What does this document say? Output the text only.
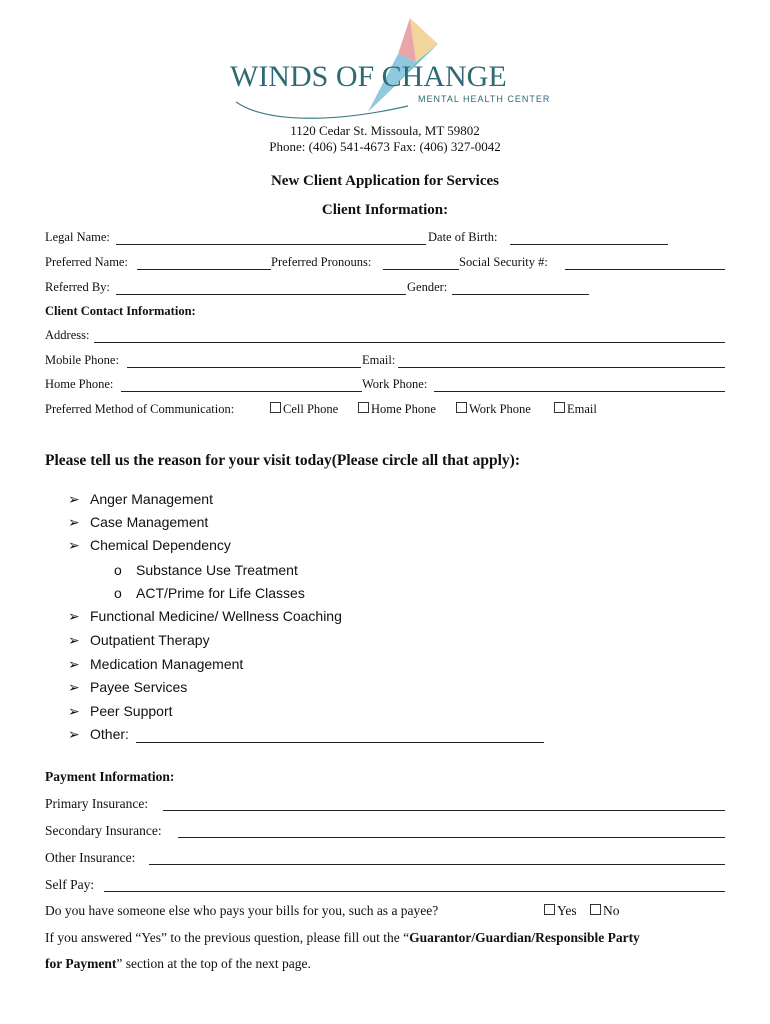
WINDS OF CHANGE
MENTAL HEALTH CENTER
1120 Cedar St. Missoula, MT 59802
Phone: (406) 541-4673 Fax: (406) 327-0042
New Client Application for Services
Client Information:
Legal Name:	Date of Birth:
Preferred Name:	Preferred Pronouns:	Social Security #:
Referred By:	Gender:
Client Contact Information:
Address:
Mobile Phone:	Email:
Home Phone:	Work Phone:
Preferred Method of Communication:	Cell Phone	Home Phone	Work Phone	Email
Please tell us the reason for your visit today(Please circle all that apply):
➢ Anger Management
➢ Case Management
➢ Chemical Dependency
o Substance Use Treatment
o ACT/Prime for Life Classes
➢ Functional Medicine/ Wellness Coaching
➢ Outpatient Therapy
➢ Medication Management
➢ Payee Services
➢ Peer Support
➢ Other:
Payment Information:
Primary Insurance:
Secondary Insurance:
Other Insurance:
Self Pay:
Do you have someone else who pays your bills for you, such as a payee?	Yes	No
If you answered “Yes” to the previous question, please fill out the “Guarantor/Guardian/Responsible Party
for Payment” section at the top of the next page.
